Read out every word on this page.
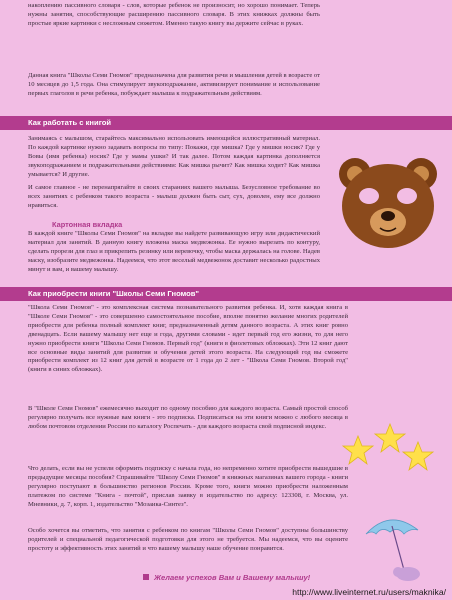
накоплению пассивного словаря - слов, которые ребенок не произносит, но хорошо понимает. Теперь нужны занятия, способствующие расширению пассивного словаря. В этих книжках должны быть простые яркие картинки с несложным сюжетом. Именно такую книгу вы держите сейчас в руках.

Данная книга "Школы Семи Гномов" предназначена для развития речи и мышления детей в возрасте от 10 месяцев до 1,5 года. Она стимулирует звукоподражание, активизирует понимание и использование первых глаголов в речи ребенка, побуждает малыша к подражательным действиям.

Как работать с книгой

Занимаясь с малышом, старайтесь максимально использовать имеющийся иллюстративный материал. По каждой картинке нужно задавать вопросы по типу: Покажи, где мишка? Где у мишки носик? Где у Вовы (имя ребенка) носик? Где у мамы ушки? И так далее. Потом каждая картинка дополняется звукоподражанием и подражательными действиями: Как мишка рычит? Как мишка ходит? Как мишка умывается? И другие.

И самое главное - не перенапрягайте в своих стараниях вашего малыша. Безусловное требование во всех занятиях с ребенком такого возраста - малыш должен быть сыт, сух, доволен, ему все должно нравиться.

Картонная вкладка

В каждой книге "Школы Семи Гномов" на вкладке вы найдете развивающую игру или дидактический материал для занятий. В данную книгу вложена маска медвежонка. Ее нужно вырезать по контуру, сделать прорези для глаз и прикрепить резинку или веревочку, чтобы маска держалась на голове. Надев маску, изобразите медвежонка. Надеемся, что этот веселый медвежонок доставит несколько радостных минут и вам, и вашему малышу.

Как приобрести книги "Школы Семи Гномов"

"Школа Семи Гномов" - это комплексная система познавательного развития ребенка. И, хотя каждая книга в "Школе Семи Гномов" - это совершенно самостоятельное пособие, вполне понятно желание многих родителей приобрести для ребенка полный комплект книг, предназначенный детям данного возраста. А этих книг ровно двенадцать. Если вашему малышу нет еще и года, другими словами - идет первый год его жизни, то для него нужно приобрести книги "Школы Семи Гномов. Первый год" (книги в фиолетовых обложках). Эти 12 книг дают все основные виды занятий для развития и обучения детей этого возраста. На следующий год вы сможете приобрести комплект из 12 книг для детей в возрасте от 1 года до 2 лет - "Школа Семи Гномов. Второй год" (книги в синих обложках).

В "Школе Семи Гномов" ежемесячно выходит по одному пособию для каждого возраста. Самый простой способ регулярно получать все нужные вам книги - это подписка. Подписаться на эти книги можно с любого месяца в любом почтовом отделении России по каталогу Роспечать - для каждого возраста свой подписной индекс.

Что делать, если вы не успели оформить подписку с начала года, но непременно хотите приобрести вышедшие в предыдущие месяцы пособия? Спрашивайте "Школу Семи Гномов" в книжных магазинах вашего города - книги регулярно поступают в большинство регионов России. Кроме того, книги можно приобрести наложенным платежом по системе "Книга - почтой", прислав заявку в издательство по адресу: 123308, г. Москва, ул. Мневники, д. 7, корп. 1, издательство "Мозаика-Синтез".

Особо хочется вы отметить, что занятия с ребенком по книгам "Школы Семи Гномов" доступны большинству родителей и специальной педагогической подготовки для этого не требуется. Мы надеемся, что вы оцените простоту и эффективность этих занятий и что вашему малышу наше обучение понравится.

Желаем успехов Вам и Вашему малышу!
http://www.liveinternet.ru/users/maknika/
